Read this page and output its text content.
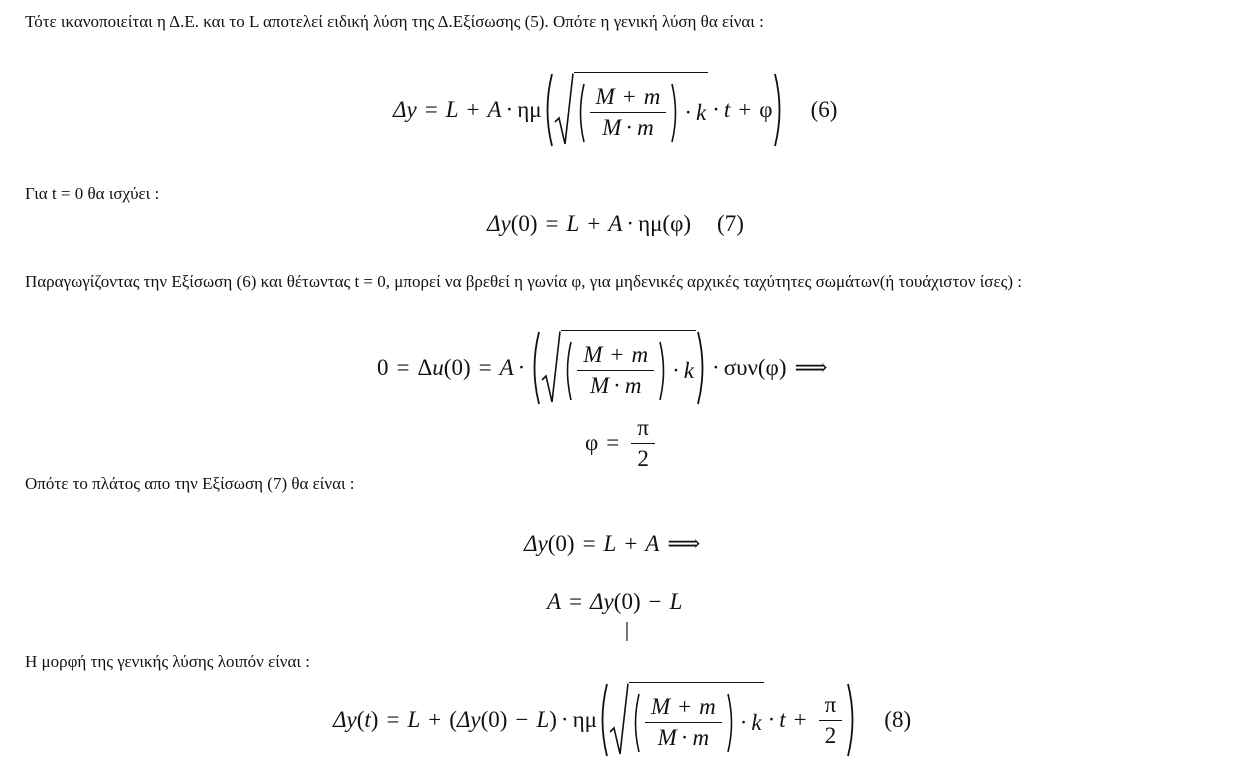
Τότε ικανοποιείται η Δ.Ε. και το L αποτελεί ειδική λύση της Δ.Εξίσωσης (5). Οπότε η γενική λύση θα είναι :
Δy = L + A · ημ $\frac{M + m}{M \cdot m} \cdot k \cdot t + \varphi$ (6)
Για t = 0 θα ισχύει :
Δy ( 0 ) = L + A · ημ ( φ ) (7)
Παραγωγίζοντας την Εξίσωση (6) και θέτωντας t = 0, μπορεί να βρεθεί η γωνία φ, για μηδενικές αρχικές ταχύτητες σωμάτων(ή τουάχιστον ίσες) :
0 = Δ u ( 0 ) = $A \cdot \frac{M + m}{M \cdot m} \cdot k \cdot \sigma\upsilon\nu$ ( φ ) ⟹
$\varphi = \frac{\pi}{2}$
Οπότε το πλάτος απο την Εξίσωση (7) θα είναι :
Δy ( 0 ) = L + A ⟹
A = Δy ( 0 ) − L
Η μορφή της γενικής λύσης λοιπόν είναι :
Δy ( t ) = L + ( Δy ( 0 ) − L ) · ημ $\frac{M + m}{M \cdot m} \cdot k \cdot t + \frac{\pi}{2} (8)$
